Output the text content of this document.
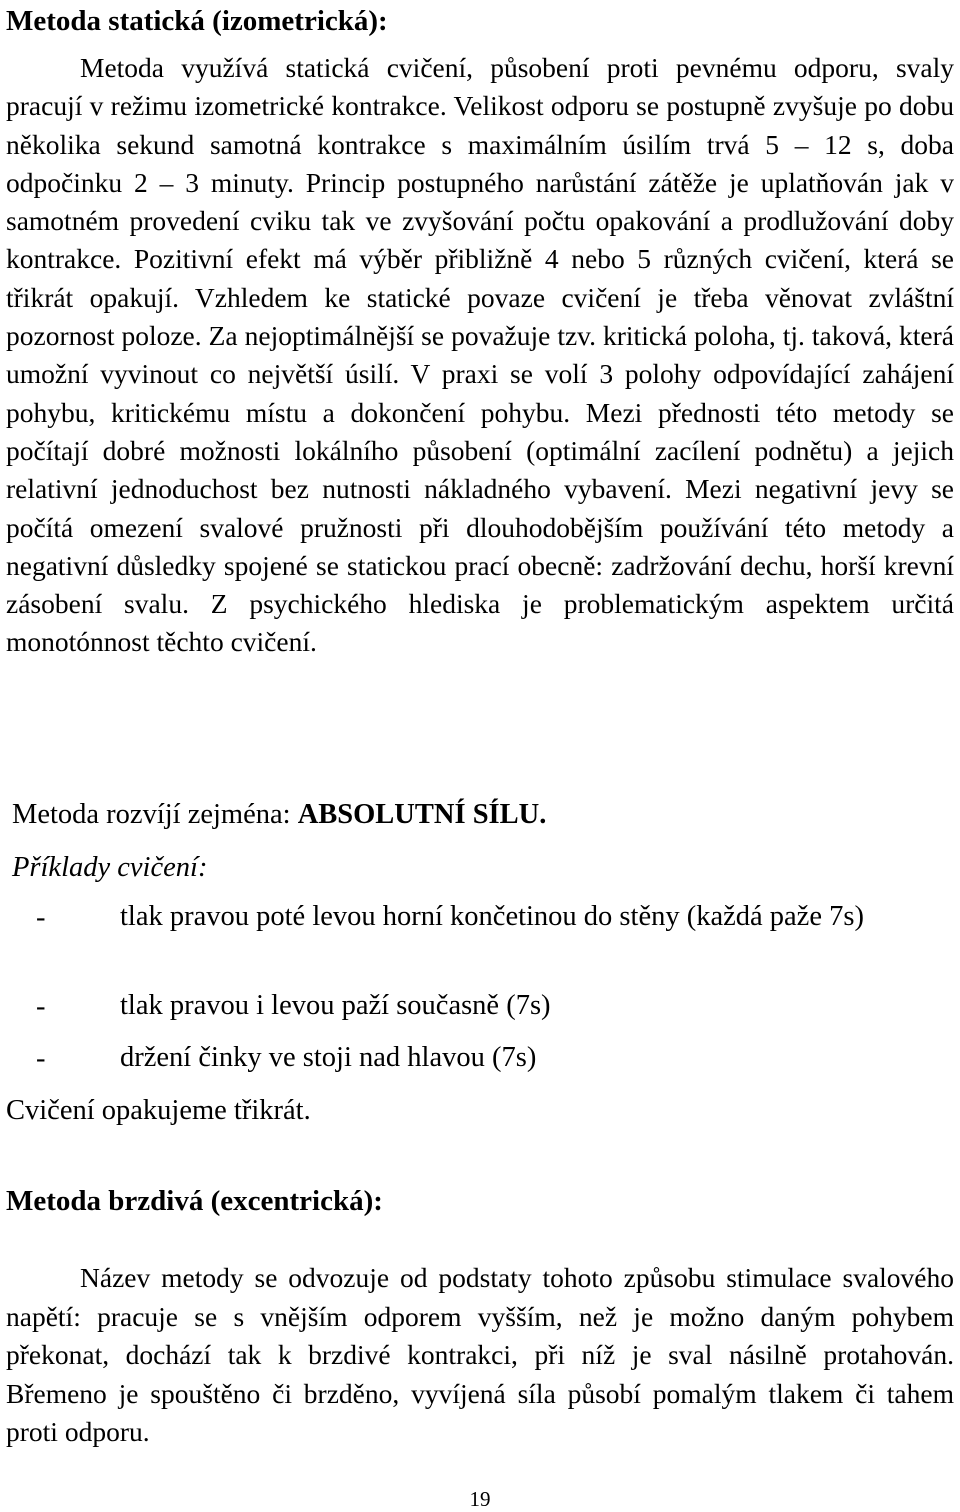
Metoda statická (izometrická):
Metoda využívá statická cvičení, působení proti pevnému odporu, svaly pracují v režimu izometrické kontrakce. Velikost odporu se postupně zvyšuje po dobu několika sekund samotná kontrakce s maximálním úsilím trvá 5 – 12 s, doba odpočinku 2 – 3 minuty. Princip postupného narůstání zátěže je uplatňován jak v samotném provedení cviku tak ve zvyšování počtu opakování a prodlužování doby kontrakce. Pozitivní efekt má výběr přibližně 4 nebo 5 různých cvičení, která se třikrát opakují. Vzhledem ke statické povaze cvičení je třeba věnovat zvláštní pozornost poloze. Za nejoptimálnější se považuje tzv. kritická poloha, tj. taková, která umožní vyvinout co největší úsilí. V praxi se volí 3 polohy odpovídající zahájení pohybu, kritickému místu a dokončení pohybu. Mezi přednosti této metody se počítají dobré možnosti lokálního působení (optimální zacílení podnětu) a jejich relativní jednoduchost bez nutnosti nákladného vybavení. Mezi negativní jevy se počítá omezení svalové pružnosti při dlouhodobějším používání této metody a negativní důsledky spojené se statickou prací obecně: zadržování dechu, horší krevní zásobení svalu. Z psychického hlediska je problematickým aspektem určitá monotónnost těchto cvičení.
Metoda rozvíjí zejména: ABSOLUTNÍ SÍLU.
Příklady cvičení:
-	tlak pravou poté levou horní končetinou do stěny (každá paže 7s)
-	tlak pravou i levou paží současně (7s)
-	držení činky ve stoji nad hlavou (7s)
Cvičení opakujeme třikrát.
Metoda brzdivá (excentrická):
Název metody se odvozuje od podstaty tohoto způsobu stimulace svalového napětí: pracuje se s vnějším odporem vyšším, než je možno daným pohybem překonat, dochází tak k brzdivé kontrakci, při níž je sval násilně protahován. Břemeno je spouštěno či brzděno, vyvíjená síla působí pomalým tlakem či tahem proti odporu.
19
